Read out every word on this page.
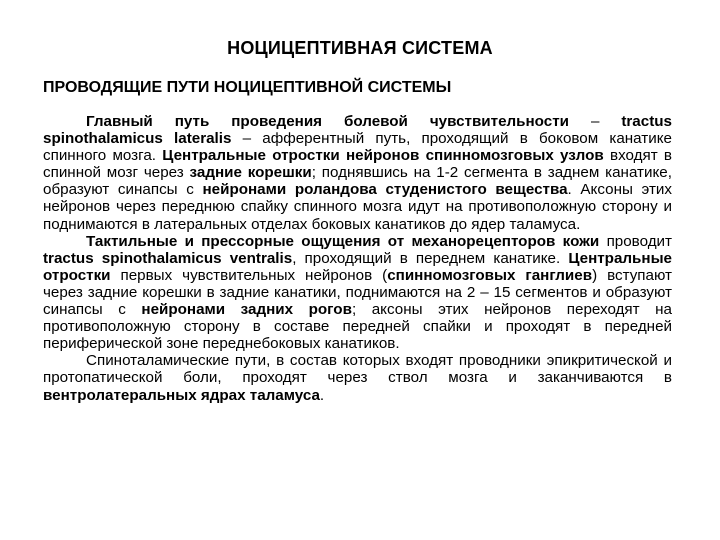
НОЦИЦЕПТИВНАЯ СИСТЕМА
ПРОВОДЯЩИЕ ПУТИ НОЦИЦЕПТИВНОЙ СИСТЕМЫ

Главный путь проведения болевой чувствительности – tractus spinothalamicus lateralis – афферентный путь, проходящий в боковом канатике спинного мозга. Центральные отростки нейронов спинномозговых узлов входят в спинной мозг через задние корешки; поднявшись на 1-2 сегмента в заднем канатике, образуют синапсы с нейронами роландова студенистого вещества. Аксоны этих нейронов через переднюю спайку спинного мозга идут на противоположную сторону и поднимаются в латеральных отделах боковых канатиков до ядер таламуса.

Тактильные и прессорные ощущения от механорецепторов кожи проводит tractus spinothalamicus ventralis, проходящий в переднем канатике. Центральные отростки первых чувствительных нейронов (спинномозговых ганглиев) вступают через задние корешки в задние канатики, поднимаются на 2 – 15 сегментов и образуют синапсы с нейронами задних рогов; аксоны этих нейронов переходят на противоположную сторону в составе передней спайки и проходят в передней периферической зоне переднебоковых канатиков.

Спиноталамические пути, в состав которых входят проводники эпикритической и протопатической боли, проходят через ствол мозга и заканчиваются в вентролатеральных ядрах таламуса.
